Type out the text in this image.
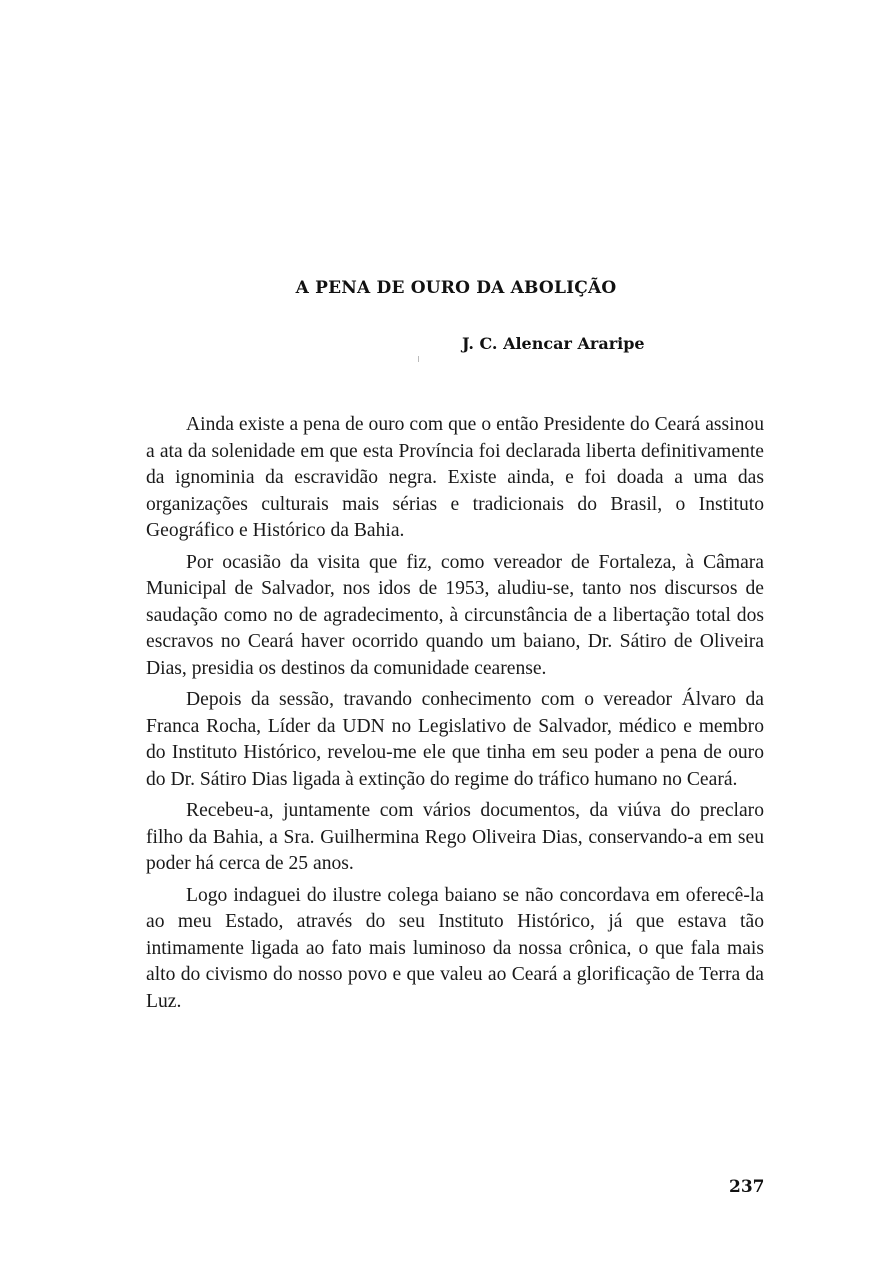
A PENA DE OURO DA ABOLIÇÃO
J. C. Alencar Araripe

Ainda existe a pena de ouro com que o então Presidente do Ceará assinou a ata da solenidade em que esta Província foi declarada liberta definitivamente da ignominia da escravidão negra. Existe ainda, e foi doada a uma das organizações culturais mais sérias e tradicionais do Brasil, o Instituto Geográfico e Histórico da Bahia.

Por ocasião da visita que fiz, como vereador de Fortaleza, à Câmara Municipal de Salvador, nos idos de 1953, aludiu-se, tanto nos discursos de saudação como no de agradecimento, à circunstância de a libertação total dos escravos no Ceará haver ocorrido quando um baiano, Dr. Sátiro de Oliveira Dias, presidia os destinos da comunidade cearense.

Depois da sessão, travando conhecimento com o vereador Álvaro da Franca Rocha, Líder da UDN no Legislativo de Salvador, médico e membro do Instituto Histórico, revelou-me ele que tinha em seu poder a pena de ouro do Dr. Sátiro Dias ligada à extinção do regime do tráfico humano no Ceará.

Recebeu-a, juntamente com vários documentos, da viúva do preclaro filho da Bahia, a Sra. Guilhermina Rego Oliveira Dias, conservando-a em seu poder há cerca de 25 anos.

Logo indaguei do ilustre colega baiano se não concordava em oferecê-la ao meu Estado, através do seu Instituto Histórico, já que estava tão intimamente ligada ao fato mais luminoso da nossa crônica, o que fala mais alto do civismo do nosso povo e que valeu ao Ceará a glorificação de Terra da Luz.

237
